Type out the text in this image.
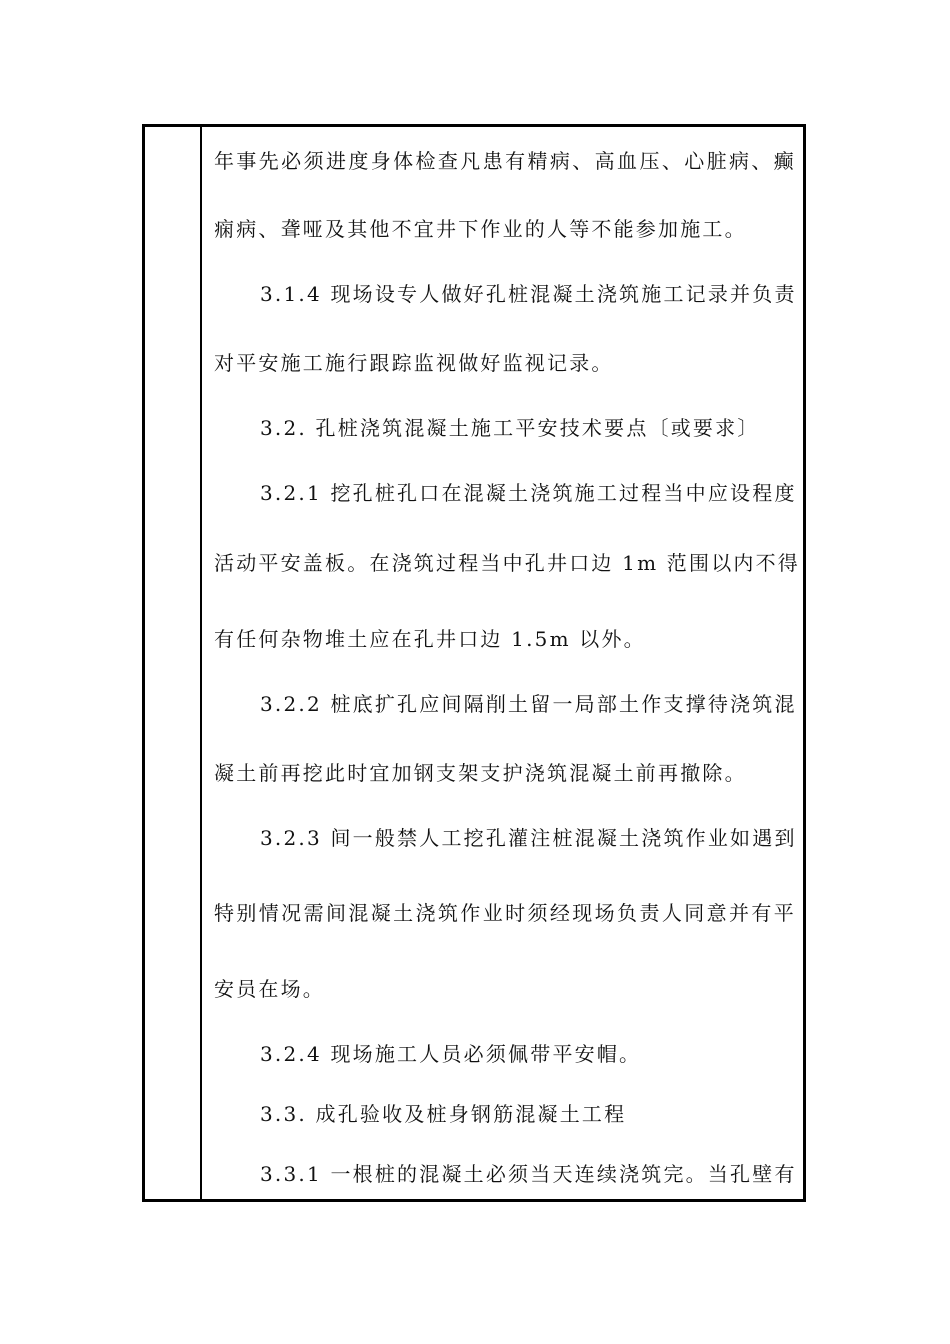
年事先必须进度身体检查凡患有精病、高血压、心脏病、癫
痫病、聋哑及其他不宜井下作业的人等不能参加施工。
3.1.4 现场设专人做好孔桩混凝土浇筑施工记录并负责
对平安施工施行跟踪监视做好监视记录。
3.2. 孔桩浇筑混凝土施工平安技术要点〔或要求〕
3.2.1 挖孔桩孔口在混凝土浇筑施工过程当中应设程度
活动平安盖板。在浇筑过程当中孔井口边 1m 范围以内不得
有任何杂物堆土应在孔井口边 1.5m 以外。
3.2.2 桩底扩孔应间隔削土留一局部土作支撑待浇筑混
凝土前再挖此时宜加钢支架支护浇筑混凝土前再撤除。
3.2.3 间一般禁人工挖孔灌注桩混凝土浇筑作业如遇到
特别情况需间混凝土浇筑作业时须经现场负责人同意并有平
安员在场。
3.2.4 现场施工人员必须佩带平安帽。
3.3. 成孔验收及桩身钢筋混凝土工程
3.3.1 一根桩的混凝土必须当天连续浇筑完。当孔壁有
